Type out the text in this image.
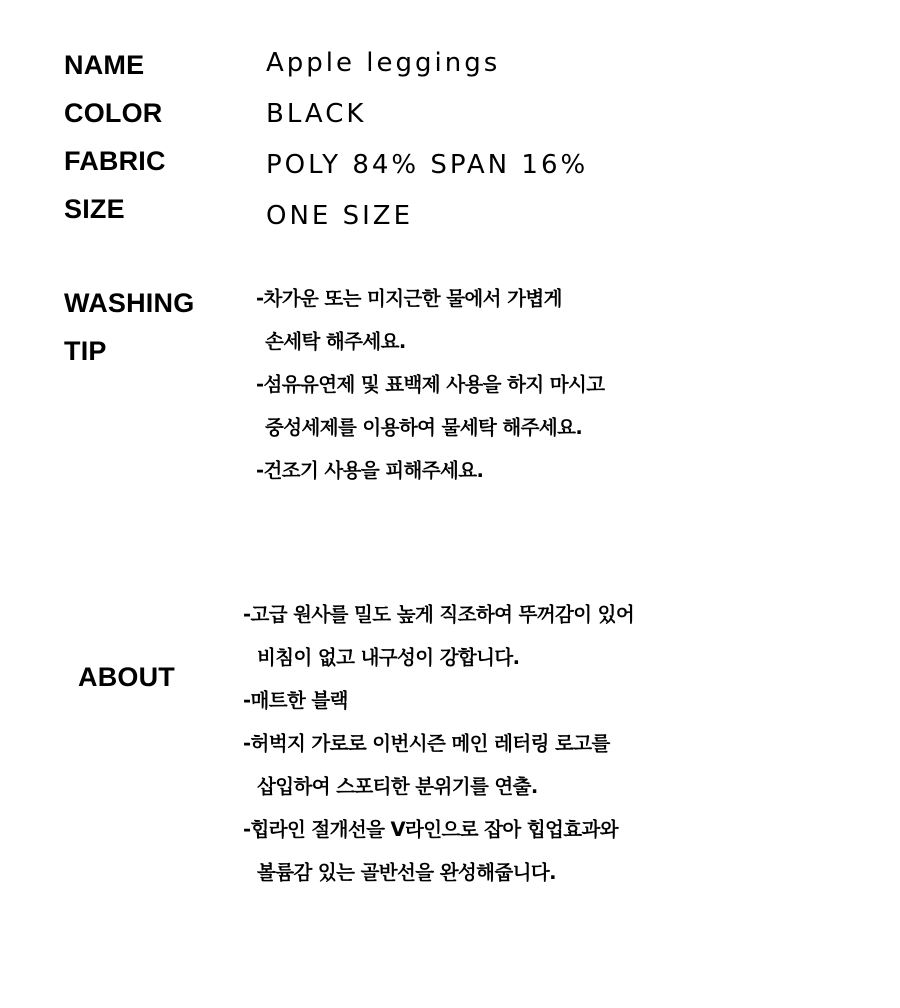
NAME	Apple leggings
COLOR	BLACK
FABRIC	POLY 84% SPAN 16%
SIZE	ONE SIZE
WASHING
TIP
-차가운 또는 미지근한 물에서 가볍게
손세탁 해주세요.
-섬유유연제 및 표백제 사용을 하지 마시고
중성세제를 이용하여 물세탁 해주세요.
-건조기 사용을 피해주세요.
ABOUT
-고급 원사를 밀도 높게 직조하여 뚜꺼감이 있어
비침이 없고 내구성이 강합니다.
-매트한 블랙
-허벅지 가로로 이번시즌 메인 레터링 로고를
삽입하여 스포티한 분위기를 연출.
-힙라인 절개선을 V라인으로 잡아 힙업효과와
볼륨감 있는 골반선을 완성해줍니다.
